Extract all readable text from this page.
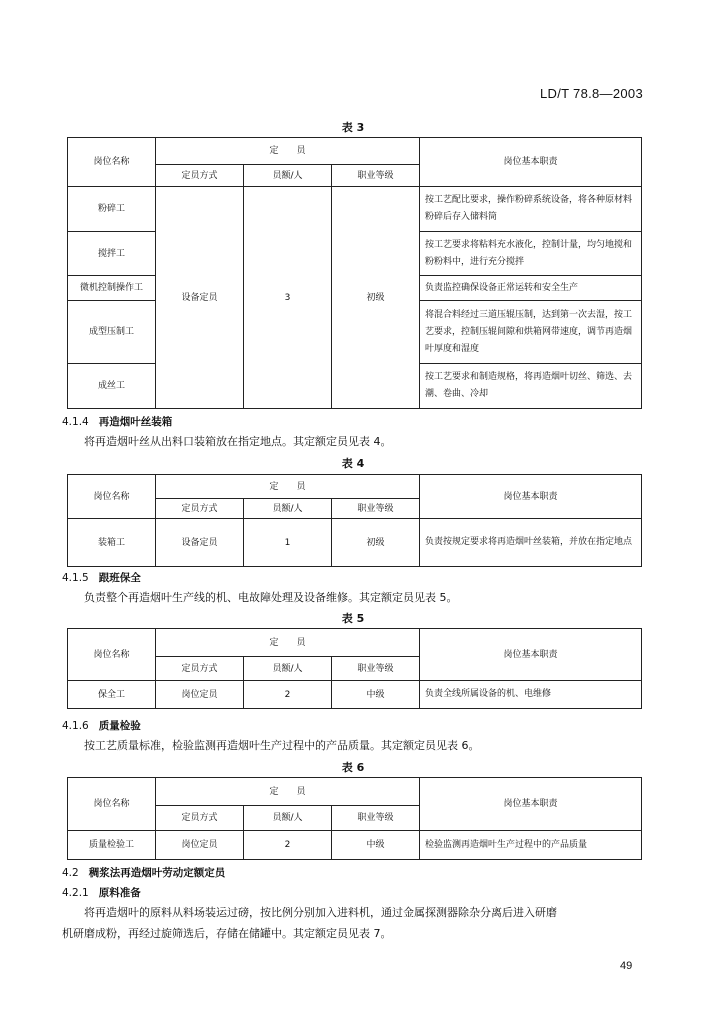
LD/T 78.8—2003
表 3
岗位名称	定　　员			岗位基本职责
	定员方式	员额/人	职业等级	
粉碎工	设备定员	3	初级	按工艺配比要求，操作粉碎系统设备，将各种原材料粉碎后存入储料筒
搅拌工				按工艺要求将粘料充水液化，控制计量，均匀地搅和粉粉料中，进行充分搅拌
微机控制操作工				负责监控确保设备正常运转和安全生产
成型压制工				将混合料经过三道压辊压制，达到第一次去湿，按工艺要求，控制压辊间隙和烘箱网带速度，调节再造烟叶厚度和湿度
成丝工				按工艺要求和制造规格，将再造烟叶切丝、筛选、去潮、卷曲、冷却
4.1.4 再造烟叶丝装箱
将再造烟叶丝从出料口装箱放在指定地点。其定额定员见表 4。
表 4
岗位名称	定　　员			岗位基本职责
	定员方式	员额/人	职业等级	
装箱工	设备定员	1	初级	负责按规定要求将再造烟叶丝装箱，并放在指定地点
4.1.5 跟班保全
负责整个再造烟叶生产线的机、电故障处理及设备维修。其定额定员见表 5。
表 5
岗位名称	定　　员			岗位基本职责
	定员方式	员额/人	职业等级	
保全工	岗位定员	2	中级	负责全线所属设备的机、电维修
4.1.6 质量检验
按工艺质量标准，检验监测再造烟叶生产过程中的产品质量。其定额定员见表 6。
表 6
岗位名称	定　　员			岗位基本职责
	定员方式	员额/人	职业等级	
质量检验工	岗位定员	2	中级	检验监测再造烟叶生产过程中的产品质量
4.2 稠浆法再造烟叶劳动定额定员
4.2.1 原料准备
将再造烟叶的原料从料场装运过磅，按比例分别加入进料机，通过金属探测器除杂分离后进入研磨
机研磨成粉，再经过旋筛选后，存储在储罐中。其定额定员见表 7。
49
